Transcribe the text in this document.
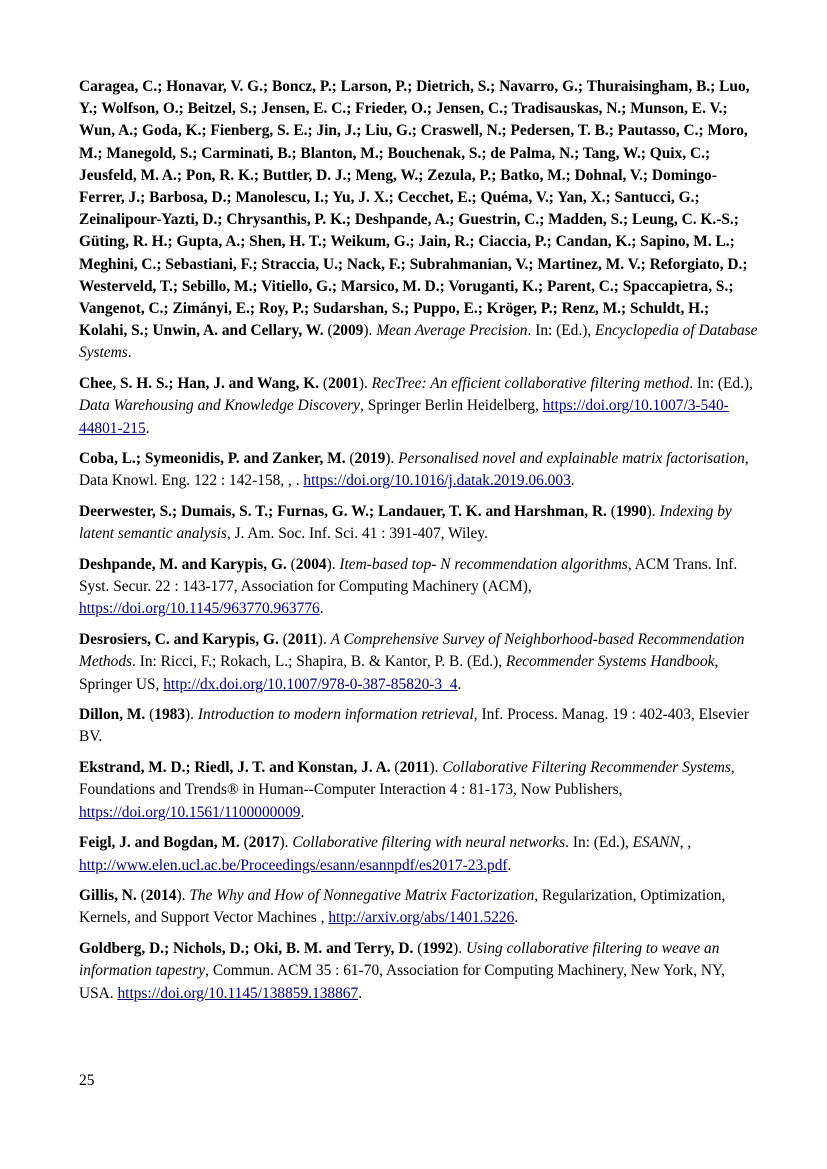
Caragea, C.; Honavar, V. G.; Boncz, P.; Larson, P.; Dietrich, S.; Navarro, G.; Thuraisingham, B.; Luo, Y.; Wolfson, O.; Beitzel, S.; Jensen, E. C.; Frieder, O.; Jensen, C.; Tradisauskas, N.; Munson, E. V.; Wun, A.; Goda, K.; Fienberg, S. E.; Jin, J.; Liu, G.; Craswell, N.; Pedersen, T. B.; Pautasso, C.; Moro, M.; Manegold, S.; Carminati, B.; Blanton, M.; Bouchenak, S.; de Palma, N.; Tang, W.; Quix, C.; Jeusfeld, M. A.; Pon, R. K.; Buttler, D. J.; Meng, W.; Zezula, P.; Batko, M.; Dohnal, V.; Domingo-Ferrer, J.; Barbosa, D.; Manolescu, I.; Yu, J. X.; Cecchet, E.; Quéma, V.; Yan, X.; Santucci, G.; Zeinalipour-Yazti, D.; Chrysanthis, P. K.; Deshpande, A.; Guestrin, C.; Madden, S.; Leung, C. K.-S.; Güting, R. H.; Gupta, A.; Shen, H. T.; Weikum, G.; Jain, R.; Ciaccia, P.; Candan, K.; Sapino, M. L.; Meghini, C.; Sebastiani, F.; Straccia, U.; Nack, F.; Subrahmanian, V.; Martinez, M. V.; Reforgiato, D.; Westerveld, T.; Sebillo, M.; Vitiello, G.; Marsico, M. D.; Voruganti, K.; Parent, C.; Spaccapietra, S.; Vangenot, C.; Zimányi, E.; Roy, P.; Sudarshan, S.; Puppo, E.; Kröger, P.; Renz, M.; Schuldt, H.; Kolahi, S.; Unwin, A. and Cellary, W. (2009). Mean Average Precision. In: (Ed.), Encyclopedia of Database Systems.

Chee, S. H. S.; Han, J. and Wang, K. (2001). RecTree: An efficient collaborative filtering method. In: (Ed.), Data Warehousing and Knowledge Discovery, Springer Berlin Heidelberg, https://doi.org/10.1007/3-540-44801-215.

Coba, L.; Symeonidis, P. and Zanker, M. (2019). Personalised novel and explainable matrix factorisation, Data Knowl. Eng. 122 : 142-158, , . https://doi.org/10.1016/j.datak.2019.06.003.

Deerwester, S.; Dumais, S. T.; Furnas, G. W.; Landauer, T. K. and Harshman, R. (1990). Indexing by latent semantic analysis, J. Am. Soc. Inf. Sci. 41 : 391-407, Wiley.

Deshpande, M. and Karypis, G. (2004). Item-based top- N recommendation algorithms, ACM Trans. Inf. Syst. Secur. 22 : 143-177, Association for Computing Machinery (ACM), https://doi.org/10.1145/963770.963776.

Desrosiers, C. and Karypis, G. (2011). A Comprehensive Survey of Neighborhood-based Recommendation Methods. In: Ricci, F.; Rokach, L.; Shapira, B. & Kantor, P. B. (Ed.), Recommender Systems Handbook, Springer US, http://dx.doi.org/10.1007/978-0-387-85820-3_4.

Dillon, M. (1983). Introduction to modern information retrieval, Inf. Process. Manag. 19 : 402-403, Elsevier BV.

Ekstrand, M. D.; Riedl, J. T. and Konstan, J. A. (2011). Collaborative Filtering Recommender Systems, Foundations and Trends® in Human--Computer Interaction 4 : 81-173, Now Publishers, https://doi.org/10.1561/1100000009.

Feigl, J. and Bogdan, M. (2017). Collaborative filtering with neural networks. In: (Ed.), ESANN, , http://www.elen.ucl.ac.be/Proceedings/esann/esannpdf/es2017-23.pdf.

Gillis, N. (2014). The Why and How of Nonnegative Matrix Factorization, Regularization, Optimization, Kernels, and Support Vector Machines , http://arxiv.org/abs/1401.5226.

Goldberg, D.; Nichols, D.; Oki, B. M. and Terry, D. (1992). Using collaborative filtering to weave an information tapestry, Commun. ACM 35 : 61-70, Association for Computing Machinery, New York, NY, USA. https://doi.org/10.1145/138859.138867.

25
